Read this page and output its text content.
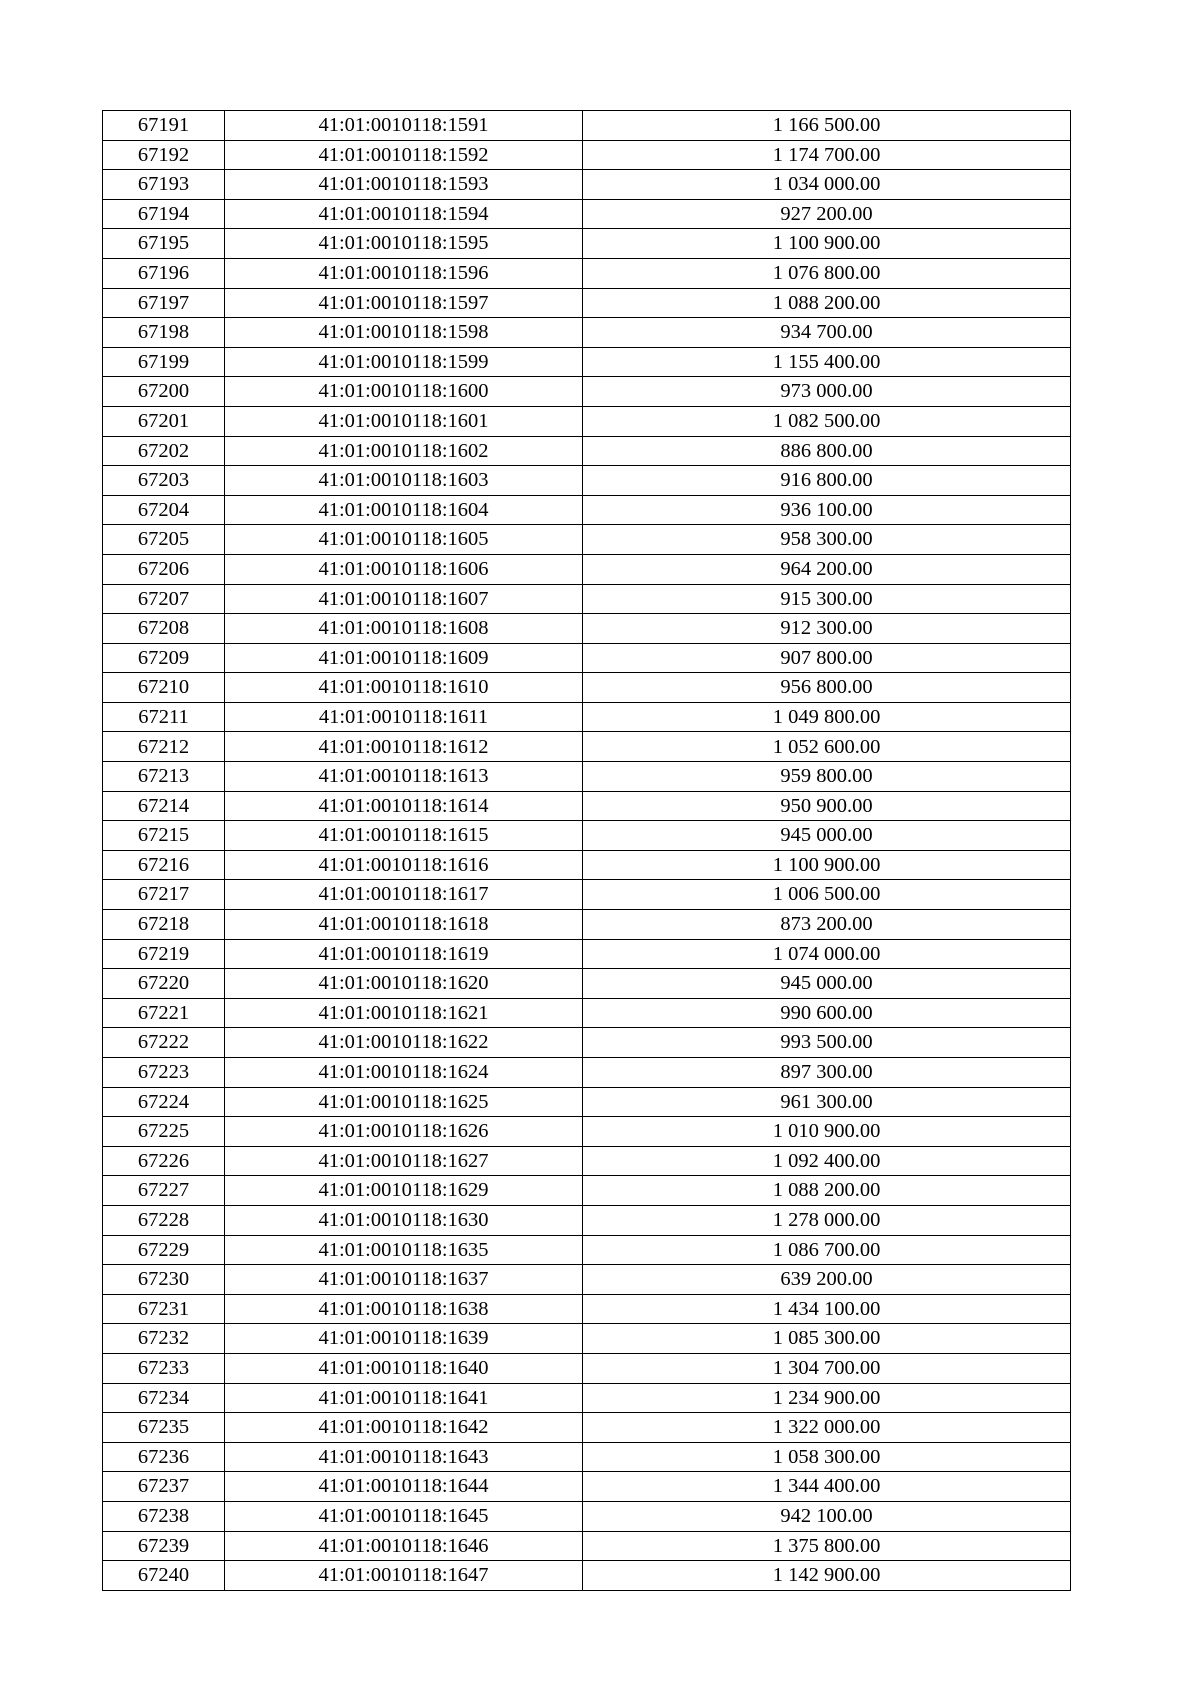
67191	41:01:0010118:1591	1 166 500.00
67192	41:01:0010118:1592	1 174 700.00
67193	41:01:0010118:1593	1 034 000.00
67194	41:01:0010118:1594	927 200.00
67195	41:01:0010118:1595	1 100 900.00
67196	41:01:0010118:1596	1 076 800.00
67197	41:01:0010118:1597	1 088 200.00
67198	41:01:0010118:1598	934 700.00
67199	41:01:0010118:1599	1 155 400.00
67200	41:01:0010118:1600	973 000.00
67201	41:01:0010118:1601	1 082 500.00
67202	41:01:0010118:1602	886 800.00
67203	41:01:0010118:1603	916 800.00
67204	41:01:0010118:1604	936 100.00
67205	41:01:0010118:1605	958 300.00
67206	41:01:0010118:1606	964 200.00
67207	41:01:0010118:1607	915 300.00
67208	41:01:0010118:1608	912 300.00
67209	41:01:0010118:1609	907 800.00
67210	41:01:0010118:1610	956 800.00
67211	41:01:0010118:1611	1 049 800.00
67212	41:01:0010118:1612	1 052 600.00
67213	41:01:0010118:1613	959 800.00
67214	41:01:0010118:1614	950 900.00
67215	41:01:0010118:1615	945 000.00
67216	41:01:0010118:1616	1 100 900.00
67217	41:01:0010118:1617	1 006 500.00
67218	41:01:0010118:1618	873 200.00
67219	41:01:0010118:1619	1 074 000.00
67220	41:01:0010118:1620	945 000.00
67221	41:01:0010118:1621	990 600.00
67222	41:01:0010118:1622	993 500.00
67223	41:01:0010118:1624	897 300.00
67224	41:01:0010118:1625	961 300.00
67225	41:01:0010118:1626	1 010 900.00
67226	41:01:0010118:1627	1 092 400.00
67227	41:01:0010118:1629	1 088 200.00
67228	41:01:0010118:1630	1 278 000.00
67229	41:01:0010118:1635	1 086 700.00
67230	41:01:0010118:1637	639 200.00
67231	41:01:0010118:1638	1 434 100.00
67232	41:01:0010118:1639	1 085 300.00
67233	41:01:0010118:1640	1 304 700.00
67234	41:01:0010118:1641	1 234 900.00
67235	41:01:0010118:1642	1 322 000.00
67236	41:01:0010118:1643	1 058 300.00
67237	41:01:0010118:1644	1 344 400.00
67238	41:01:0010118:1645	942 100.00
67239	41:01:0010118:1646	1 375 800.00
67240	41:01:0010118:1647	1 142 900.00
